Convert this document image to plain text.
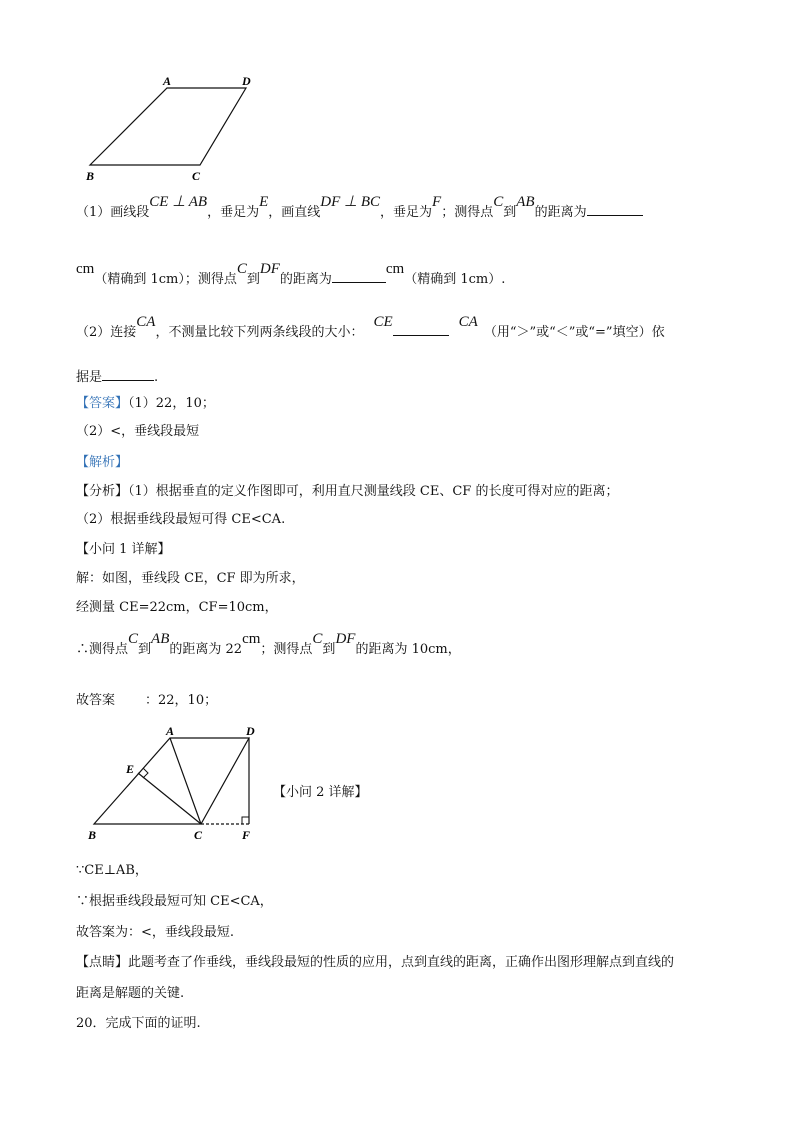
A	D
B	C
（1）画线段CE ⊥ AB，垂足为E，画直线DF ⊥ BC，垂足为F；测得点C到AB的距离为
cm（精确到 1cm）；测得点C到DF的距离为cm（精确到 1cm）.
（2）连接CA，不测量比较下列两条线段的大小：CE	CA（用“＞”或“＜”或“=”填空）依
据是	.
【答案】（1）22，10；
（2）<，垂线段最短
【解析】
【分析】（1）根据垂直的定义作图即可，利用直尺测量线段 CE、CF 的长度可得对应的距离；
（2）根据垂线段最短可得 CE<CA.
【小问 1 详解】
解：如图，垂线段 CE，CF 即为所求，
经测量 CE=22cm，CF=10cm，
∴测得点C到AB的距离为 22cm；测得点C到DF的距离为 10cm，
故答案 ：22，10；
A	D
E
B	C	F
【小问 2 详解】
∵CE⊥AB，
∵根据垂线段最短可知 CE<CA，
故答案为：<，垂线段最短.
【点睛】此题考查了作垂线，垂线段最短的性质的应用，点到直线的距离，正确作出图形理解点到直线的
距离是解题的关键.
20．完成下面的证明.
